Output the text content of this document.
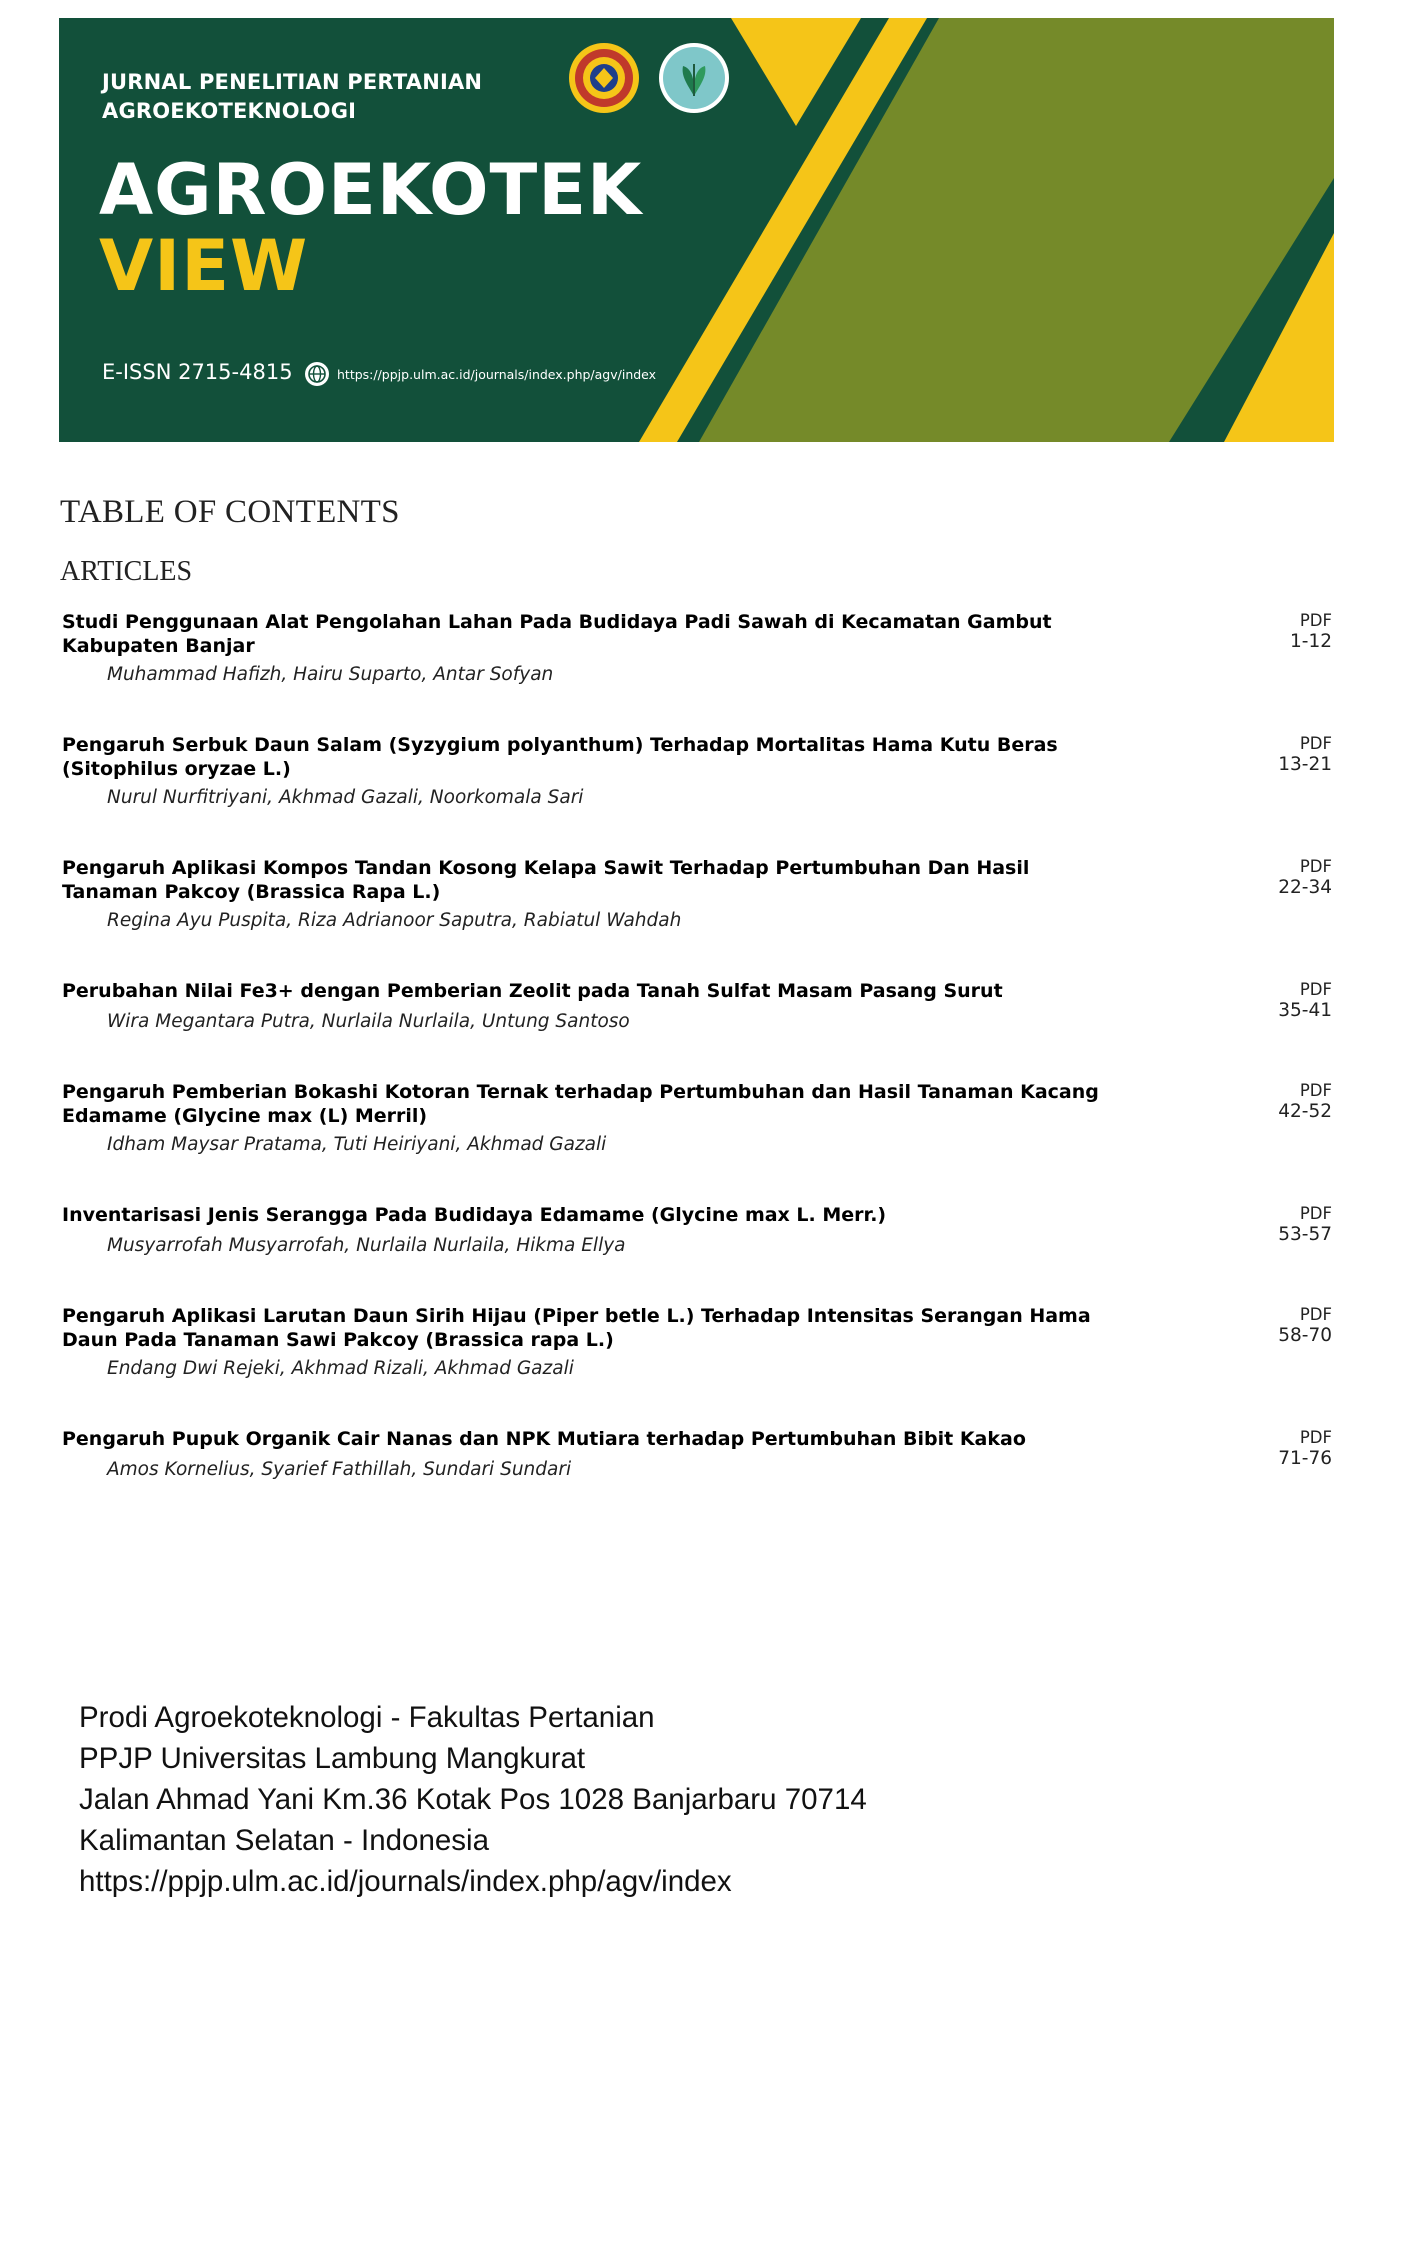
JURNAL PENELITIAN PERTANIAN
AGROEKOTEKNOLOGI
AGROEKOTEK
VIEW
E-ISSN 2715-4815	https://ppjp.ulm.ac.id/journals/index.php/agv/index
TABLE OF CONTENTS
ARTICLES
Studi Penggunaan Alat Pengolahan Lahan Pada Budidaya Padi Sawah di Kecamatan Gambut Kabupaten Banjar
Muhammad Hafizh, Hairu Suparto, Antar Sofyan
PDF
1-12
Pengaruh Serbuk Daun Salam (Syzygium polyanthum) Terhadap Mortalitas Hama Kutu Beras (Sitophilus oryzae L.)
Nurul Nurfitriyani, Akhmad Gazali, Noorkomala Sari
PDF
13-21
Pengaruh Aplikasi Kompos Tandan Kosong Kelapa Sawit Terhadap Pertumbuhan Dan Hasil Tanaman Pakcoy (Brassica Rapa L.)
Regina Ayu Puspita, Riza Adrianoor Saputra, Rabiatul Wahdah
PDF
22-34
Perubahan Nilai Fe3+ dengan Pemberian Zeolit pada Tanah Sulfat Masam Pasang Surut
Wira Megantara Putra, Nurlaila Nurlaila, Untung Santoso
PDF
35-41
Pengaruh Pemberian Bokashi Kotoran Ternak terhadap Pertumbuhan dan Hasil Tanaman Kacang Edamame (Glycine max (L) Merril)
Idham Maysar Pratama, Tuti Heiriyani, Akhmad Gazali
PDF
42-52
Inventarisasi Jenis Serangga Pada Budidaya Edamame (Glycine max L. Merr.)
Musyarrofah Musyarrofah, Nurlaila Nurlaila, Hikma Ellya
PDF
53-57
Pengaruh Aplikasi Larutan Daun Sirih Hijau (Piper betle L.) Terhadap Intensitas Serangan Hama Daun Pada Tanaman Sawi Pakcoy (Brassica rapa L.)
Endang Dwi Rejeki, Akhmad Rizali, Akhmad Gazali
PDF
58-70
Pengaruh Pupuk Organik Cair Nanas dan NPK Mutiara terhadap Pertumbuhan Bibit Kakao
Amos Kornelius, Syarief Fathillah, Sundari Sundari
PDF
71-76
Prodi Agroekoteknologi - Fakultas Pertanian
PPJP Universitas Lambung Mangkurat
Jalan Ahmad Yani Km.36 Kotak Pos 1028 Banjarbaru 70714
Kalimantan Selatan - Indonesia
https://ppjp.ulm.ac.id/journals/index.php/agv/index
